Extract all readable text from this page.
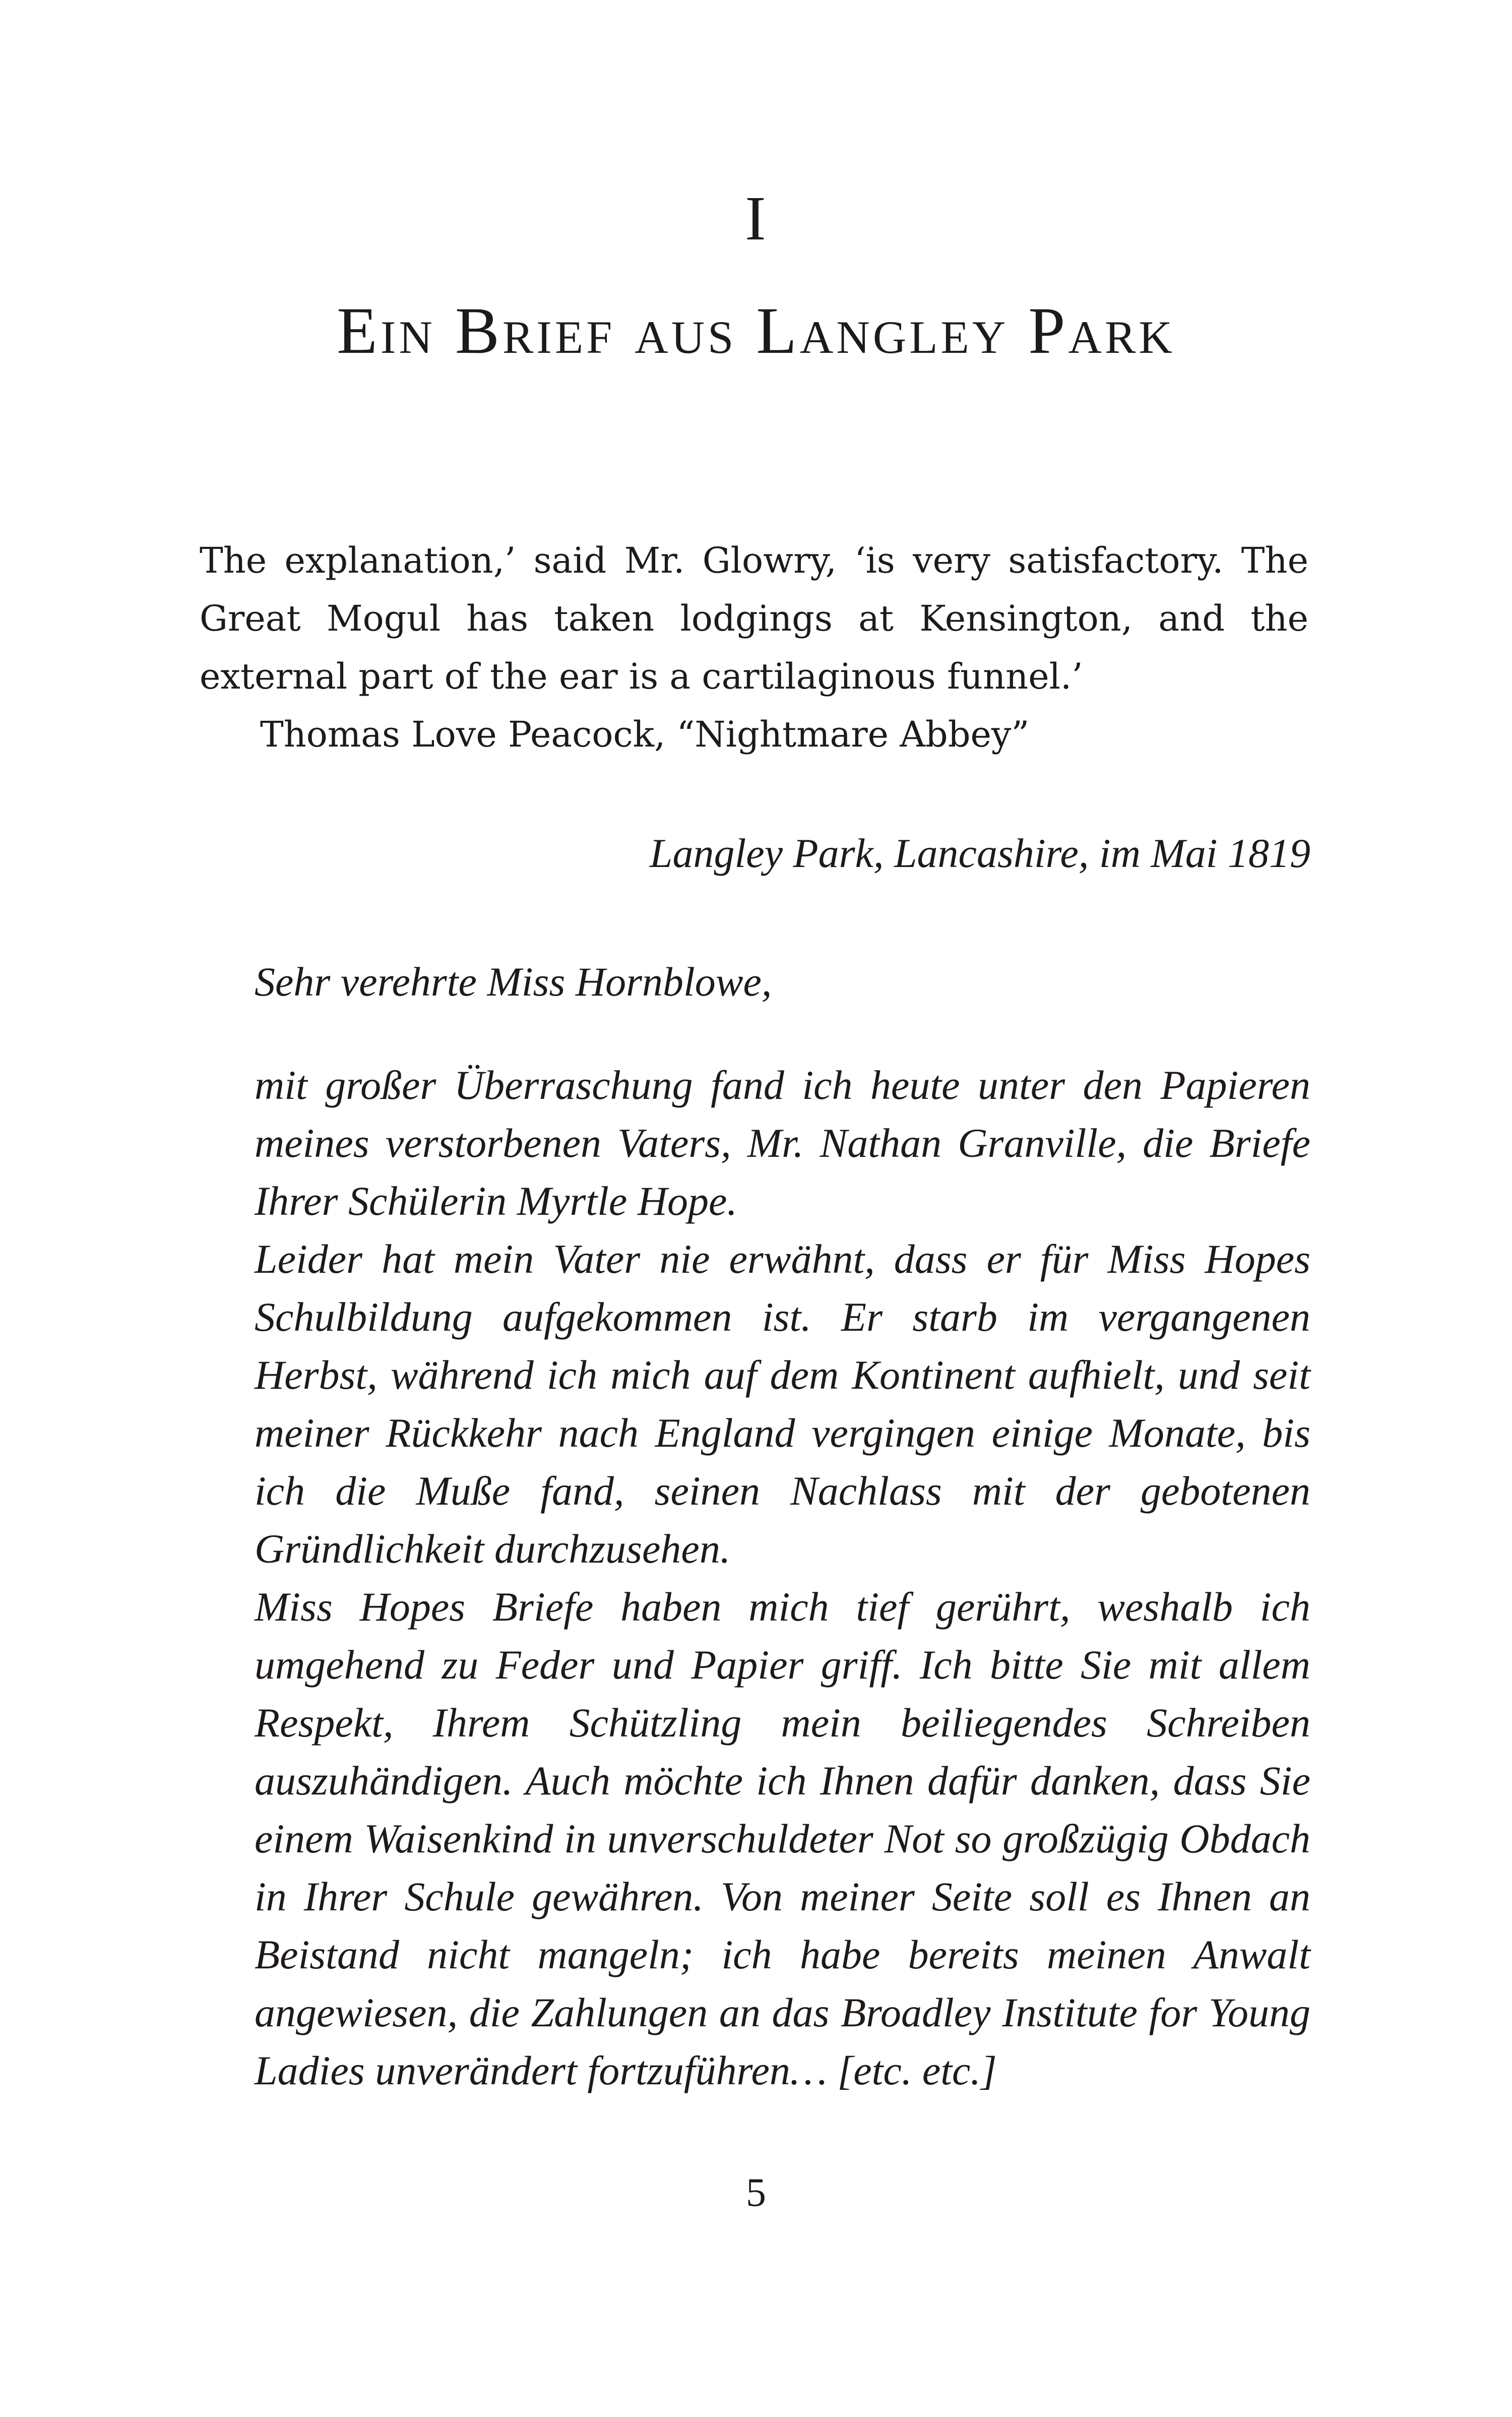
I
Ein Brief aus Langley Park

The explanation,’ said Mr. Glowry, ‘is very satisfactory. The Great Mogul has taken lodgings at Kensington, and the external part of the ear is a cartilaginous funnel.’

Thomas Love Peacock, “Nightmare Abbey”

Langley Park, Lancashire, im Mai 1819
Sehr verehrte Miss Hornblowe,

mit großer Überraschung fand ich heute unter den Papieren meines verstorbenen Vaters, Mr. Nathan Granville, die Briefe Ihrer Schülerin Myrtle Hope.

Leider hat mein Vater nie erwähnt, dass er für Miss Hopes Schulbildung aufgekommen ist. Er starb im vergangenen Herbst, während ich mich auf dem Kontinent aufhielt, und seit meiner Rückkehr nach England vergingen einige Monate, bis ich die Muße fand, seinen Nachlass mit der gebotenen Gründlichkeit durchzusehen.

Miss Hopes Briefe haben mich tief gerührt, weshalb ich umgehend zu Feder und Papier griff. Ich bitte Sie mit allem Respekt, Ihrem Schützling mein beiliegendes Schreiben auszuhändigen. Auch möchte ich Ihnen dafür danken, dass Sie einem Waisenkind in unverschuldeter Not so großzügig Obdach in Ihrer Schule gewähren. Von meiner Seite soll es Ihnen an Beistand nicht mangeln; ich habe bereits meinen Anwalt angewiesen, die Zahlungen an das Broadley Institute for Young Ladies unverändert fortzuführen… [etc. etc.]

5
